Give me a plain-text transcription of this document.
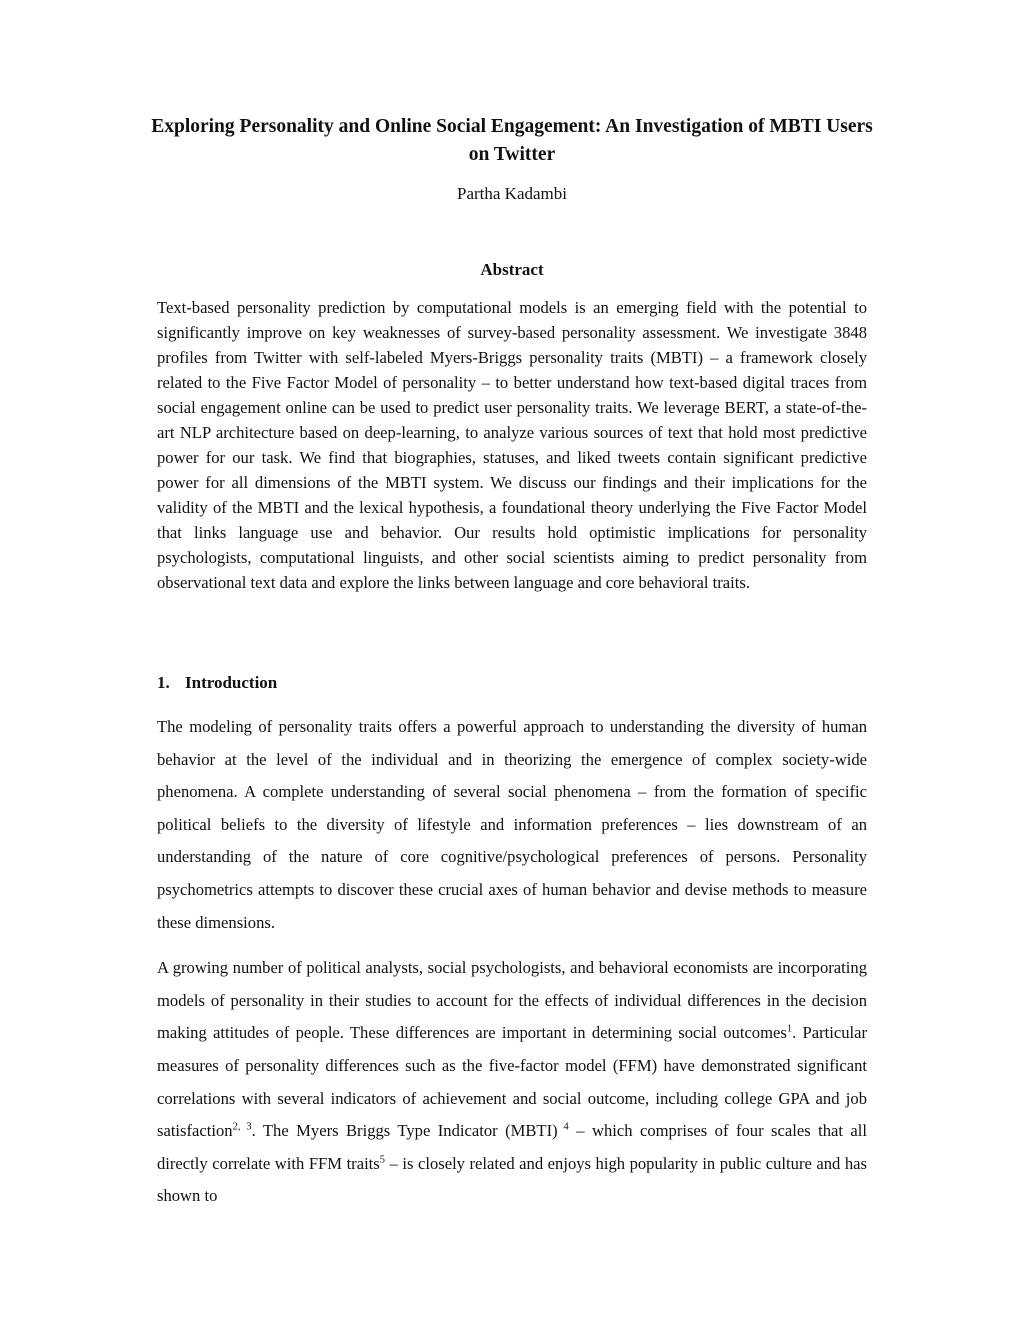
Exploring Personality and Online Social Engagement: An Investigation of MBTI Users on Twitter
Partha Kadambi
Abstract

Text-based personality prediction by computational models is an emerging field with the potential to significantly improve on key weaknesses of survey-based personality assessment. We investigate 3848 profiles from Twitter with self-labeled Myers-Briggs personality traits (MBTI) – a framework closely related to the Five Factor Model of personality – to better understand how text-based digital traces from social engagement online can be used to predict user personality traits. We leverage BERT, a state-of-the-art NLP architecture based on deep-learning, to analyze various sources of text that hold most predictive power for our task. We find that biographies, statuses, and liked tweets contain significant predictive power for all dimensions of the MBTI system. We discuss our findings and their implications for the validity of the MBTI and the lexical hypothesis, a foundational theory underlying the Five Factor Model that links language use and behavior. Our results hold optimistic implications for personality psychologists, computational linguists, and other social scientists aiming to predict personality from observational text data and explore the links between language and core behavioral traits.

1. Introduction

The modeling of personality traits offers a powerful approach to understanding the diversity of human behavior at the level of the individual and in theorizing the emergence of complex society-wide phenomena. A complete understanding of several social phenomena – from the formation of specific political beliefs to the diversity of lifestyle and information preferences – lies downstream of an understanding of the nature of core cognitive/psychological preferences of persons. Personality psychometrics attempts to discover these crucial axes of human behavior and devise methods to measure these dimensions.

A growing number of political analysts, social psychologists, and behavioral economists are incorporating models of personality in their studies to account for the effects of individual differences in the decision making attitudes of people. These differences are important in determining social outcomes$^1$. Particular measures of personality differences such as the five-factor model (FFM) have demonstrated significant correlations with several indicators of achievement and social outcome, including college GPA and job satisfaction$^{2, 3}$. The Myers Briggs Type Indicator (MBTI) $^4$ – which comprises of four scales that all directly correlate with FFM traits$^5$ – is closely related and enjoys high popularity in public culture and has shown to
